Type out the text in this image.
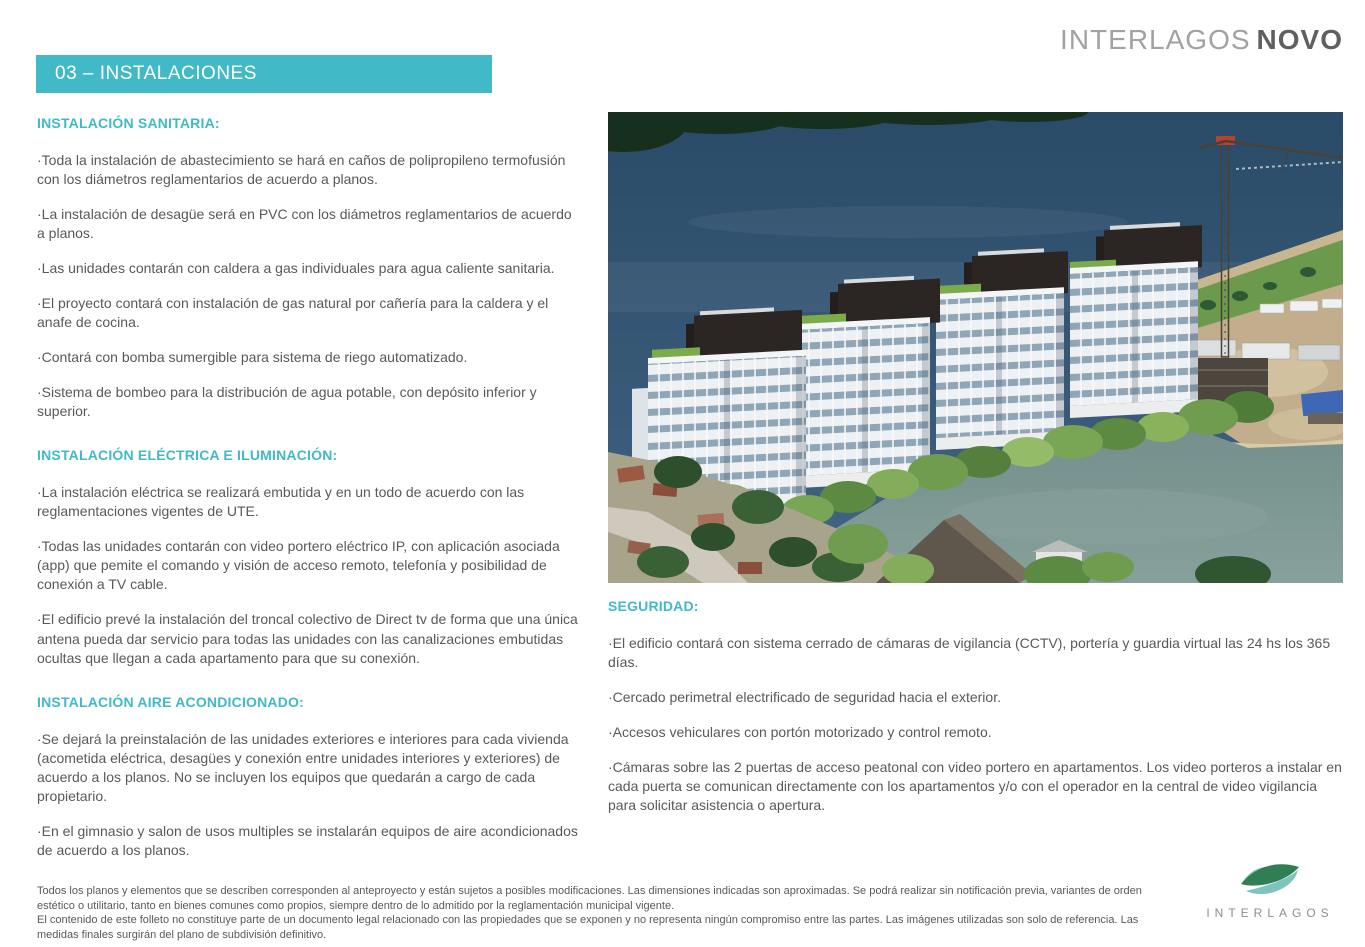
INTERLAGOS NOVO
03 – INSTALACIONES
INSTALACIÓN SANITARIA:

·Toda la instalación de abastecimiento se hará en caños de polipropileno termofusión con los diámetros reglamentarios de acuerdo a planos.

·La instalación de desagüe será en PVC con los diámetros reglamentarios de acuerdo a planos.

·Las unidades contarán con caldera a gas individuales para agua caliente sanitaria.

·El proyecto contará con instalación de gas natural por cañería para la caldera y el anafe de cocina.

·Contará con bomba sumergible para sistema de riego automatizado.

·Sistema de bombeo para la distribución de agua potable, con depósito inferior y superior.

INSTALACIÓN ELÉCTRICA E ILUMINACIÓN:

·La instalación eléctrica se realizará embutida y en un todo de acuerdo con las reglamentaciones vigentes de UTE.

·Todas las unidades contarán con video portero eléctrico IP, con aplicación asociada (app) que pemite el comando y visión de acceso remoto, telefonía y posibilidad de conexión a TV cable.

·El edificio prevé la instalación del troncal colectivo de Direct tv de forma que una única antena pueda dar servicio para todas las unidades con las canalizaciones embutidas ocultas que llegan a cada apartamento para que su conexión.

INSTALACIÓN AIRE ACONDICIONADO:

·Se dejará la preinstalación de las unidades exteriores e interiores para cada vivienda (acometida eléctrica, desagües y conexión entre unidades interiores y exteriores) de acuerdo a los planos. No se incluyen los equipos que quedarán a cargo de cada propietario.

·En el gimnasio y salon de usos multiples se instalarán equipos de aire acondicionados de acuerdo a los planos.

SEGURIDAD:

·El edificio contará con sistema cerrado de cámaras de vigilancia (CCTV), portería y guardia virtual las 24 hs los 365 días.

·Cercado perimetral electrificado de seguridad hacia el exterior.

·Accesos vehiculares con portón motorizado y control remoto.

·Cámaras sobre las 2 puertas de acceso peatonal con video portero en apartamentos. Los video porteros a instalar en cada puerta se comunican directamente con los apartamentos y/o con el operador en la central de video vigilancia para solicitar asistencia o apertura.

Todos los planos y elementos que se describen corresponden al anteproyecto y están sujetos a posibles modificaciones. Las dimensiones indicadas son aproximadas. Se podrá realizar sin notificación previa, variantes de orden
estético o utilitario, tanto en bienes comunes como propios, siempre dentro de lo admitido por la reglamentación municipal vigente.
El contenido de este folleto no constituye parte de un documento legal relacionado con las propiedades que se exponen y no representa ningún compromiso entre las partes. Las imágenes utilizadas son solo de referencia. Las
medidas finales surgirán del plano de subdivisión definitivo.
INTERLAGOS
